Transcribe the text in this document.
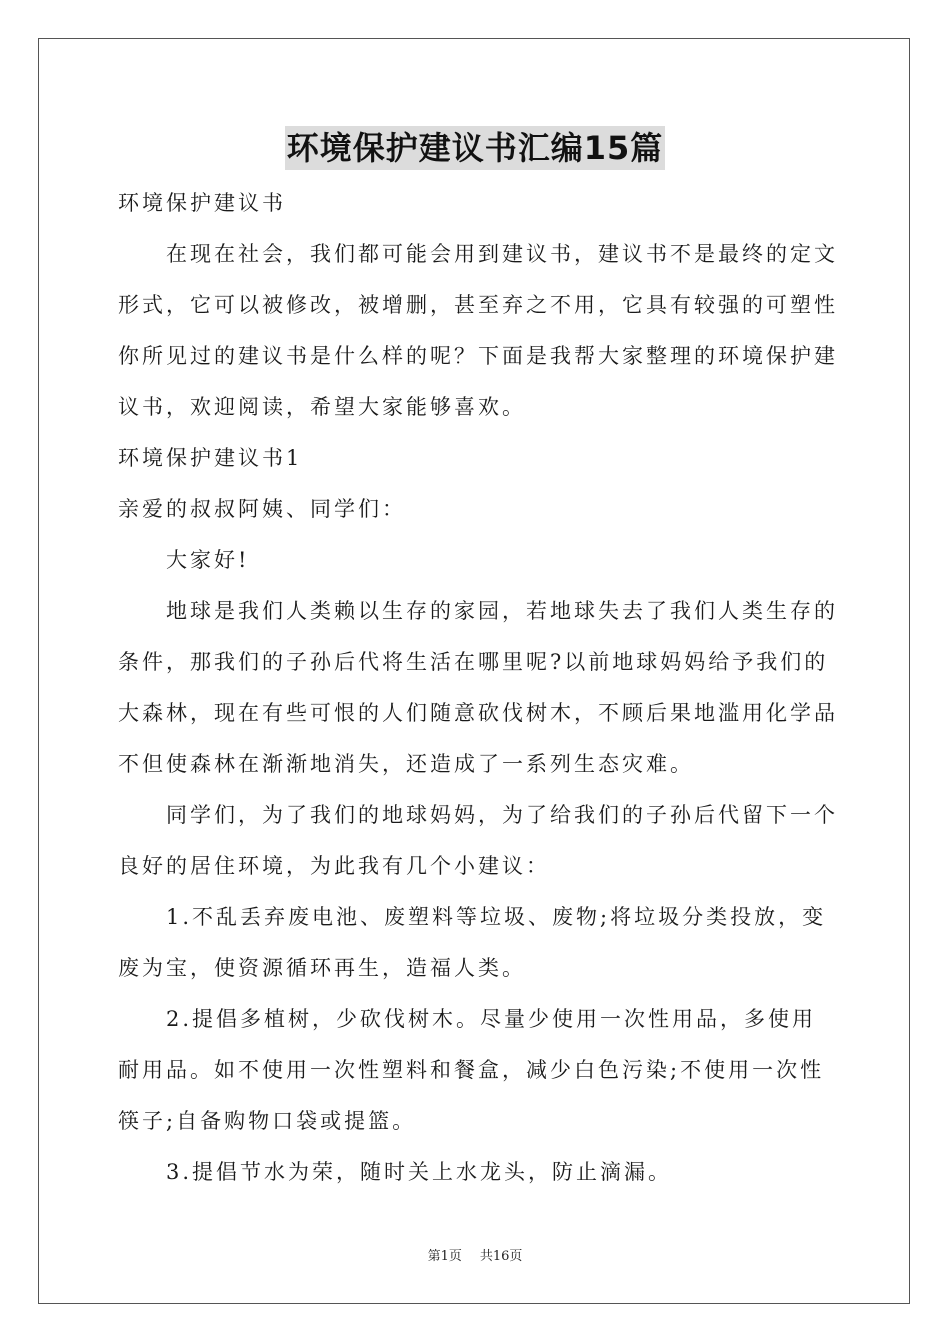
环境保护建议书汇编15篇

环境保护建议书

在现在社会，我们都可能会用到建议书，建议书不是最终的定文形式，它可以被修改，被增删，甚至弃之不用，它具有较强的可塑性你所见过的建议书是什么样的呢？下面是我帮大家整理的环境保护建议书，欢迎阅读，希望大家能够喜欢。

环境保护建议书1

亲爱的叔叔阿姨、同学们：

大家好!

地球是我们人类赖以生存的家园，若地球失去了我们人类生存的条件，那我们的子孙后代将生活在哪里呢?以前地球妈妈给予我们的大森林，现在有些可恨的人们随意砍伐树木，不顾后果地滥用化学品不但使森林在渐渐地消失，还造成了一系列生态灾难。

同学们，为了我们的地球妈妈，为了给我们的子孙后代留下一个良好的居住环境，为此我有几个小建议：

1.不乱丢弃废电池、废塑料等垃圾、废物;将垃圾分类投放，变废为宝，使资源循环再生，造福人类。

2.提倡多植树，少砍伐树木。尽量少使用一次性用品，多使用耐用品。如不使用一次性塑料和餐盒，减少白色污染;不使用一次性筷子;自备购物口袋或提篮。

3.提倡节水为荣，随时关上水龙头，防止滴漏。

第1页 共16页
